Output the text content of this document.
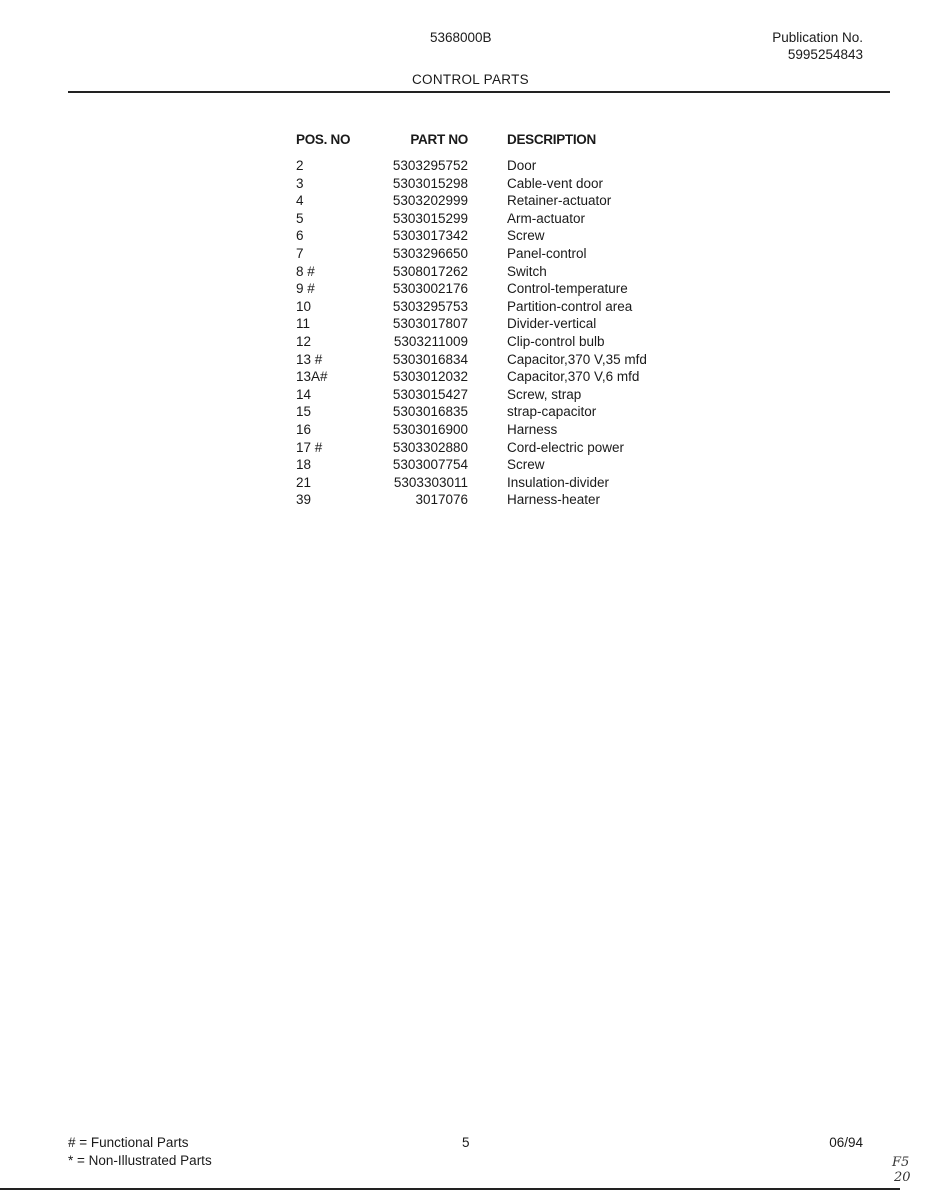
5368000B	Publication No.
5995254843
CONTROL PARTS
POS. NO	PART NO	DESCRIPTION
2	5303295752	Door
3	5303015298	Cable-vent door
4	5303202999	Retainer-actuator
5	5303015299	Arm-actuator
6	5303017342	Screw
7	5303296650	Panel-control
8 #	5308017262	Switch
9 #	5303002176	Control-temperature
10	5303295753	Partition-control area
11	5303017807	Divider-vertical
12	5303211009	Clip-control bulb
13 #	5303016834	Capacitor,370 V,35 mfd
13A#	5303012032	Capacitor,370 V,6 mfd
14	5303015427	Screw, strap
15	5303016835	strap-capacitor
16	5303016900	Harness
17 #	5303302880	Cord-electric power
18	5303007754	Screw
21	5303303011	Insulation-divider
39	3017076	Harness-heater
# = Functional Parts
* = Non-Illustrated Parts
5	06/94
F5
20
